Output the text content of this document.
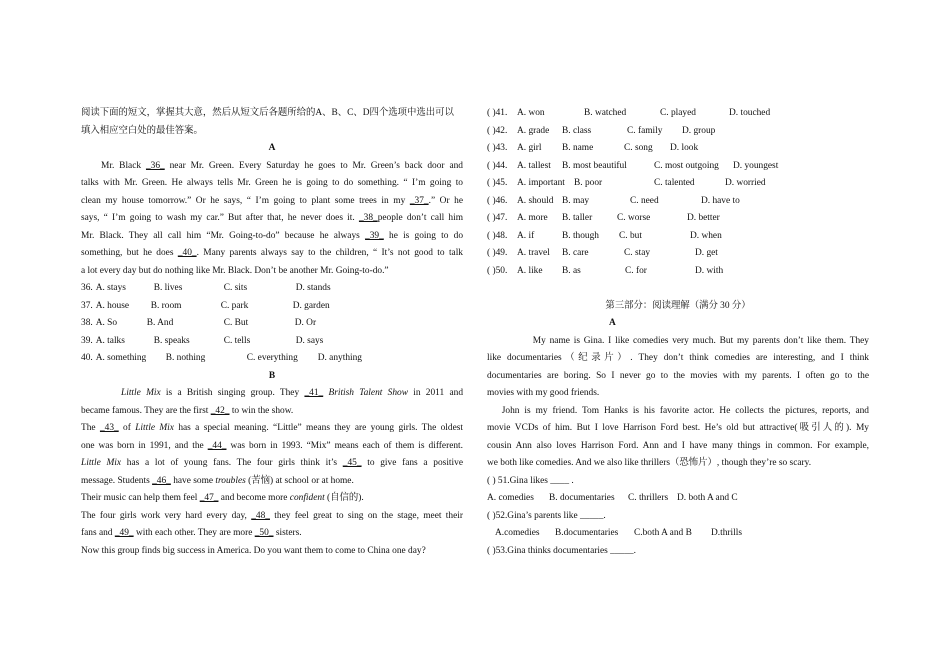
阅读下面的短文，掌握其大意，然后从短文后各题所给的A、B、C、D四个选项中选出可以
填入相应空白处的最佳答案。
A
Mr. Black _36_ near Mr. Green. Every Saturday he goes to Mr. Green’s back door and
talks with Mr. Green. He always tells Mr. Green he is going to do something. “ I’m going to
clean my house tomorrow.” Or he says, “ I’m going to plant some trees in my _37_.” Or he
says, “ I’m going to wash my car.” But after that, he never does it. _38_people don’t call him
Mr. Black. They all call him “Mr. Going-to-do” because he always _39_ he is going to do
something, but he does _40_. Many parents always say to the children, “ It’s not good to talk
a lot every day but do nothing like Mr. Black. Don’t be another Mr. Going-to-do.”
36. A. stays	B. lives	C. sits	D. stands
37. A. house B. room	C. park	D. garden
38. A. So	B. And	C. But	D. Or
39. A. talks	B. speaks	C. tells	D. says
40. A. something B. nothing	C. everything D. anything
B
Little Mix is a British singing group. They _41_ British Talent Show in 2011 and
became famous. They are the first _42_ to win the show.
The _43_ of Little Mix has a special meaning. “Little” means they are young girls. The oldest
one was born in 1991, and the _44_ was born in 1993. “Mix” means each of them is different.
Little Mix has a lot of young fans. The four girls think it’s _45_ to give fans a positive
message. Students _46_ have some troubles (苦恼) at school or at home.
Their music can help them feel _47_ and become more confident (自信的).
The four girls work very hard every day, _48_ they feel great to sing on the stage, meet their
fans and _49_ with each other. They are more _50_ sisters.
Now this group finds big success in America. Do you want them to come to China one day?
( )41. A. won	B. watched	C. played	D. touched
( )42. A. grade B. class	C. family D. group
( )43. A. girl B. name	C. song D. look
( )44. A. tallest B. most beautiful	C. most outgoing D. youngest
( )45. A. important B. poor	C. talented	D. worried
( )46. A. should B. may	C. need	D. have to
( )47. A. more B. taller	C. worse	D. better
( )48. A. if	B. though C. but	D. when
( )49. A. travel B. care	C. stay	D. get
( )50. A. like B. as	C. for	D. with
第三部分：阅读理解（满分 30 分）
A
My name is Gina. I like comedies very much. But my parents don’t like them. They
like documentaries（纪录片）. They don’t think comedies are interesting, and I think
documentaries are boring. So I never go to the movies with my parents. I often go to the
movies with my good friends.
John is my friend. Tom Hanks is his favorite actor. He collects the pictures, reports, and
movie VCDs of him. But I love Harrison Ford best. He’s old but attractive(吸引人的). My
cousin Ann also loves Harrison Ford. Ann and I have many things in common. For example,
we both like comedies. And we also like thrillers（恐怖片）, though they’re so scary.
( ) 51.Gina likes ____ .
A. comedies B. documentaries C. thrillers D. both A and C
( )52.Gina’s parents like _____.
A.comedies B.documentaries C.both A and B D.thrills
( )53.Gina thinks documentaries _____.
